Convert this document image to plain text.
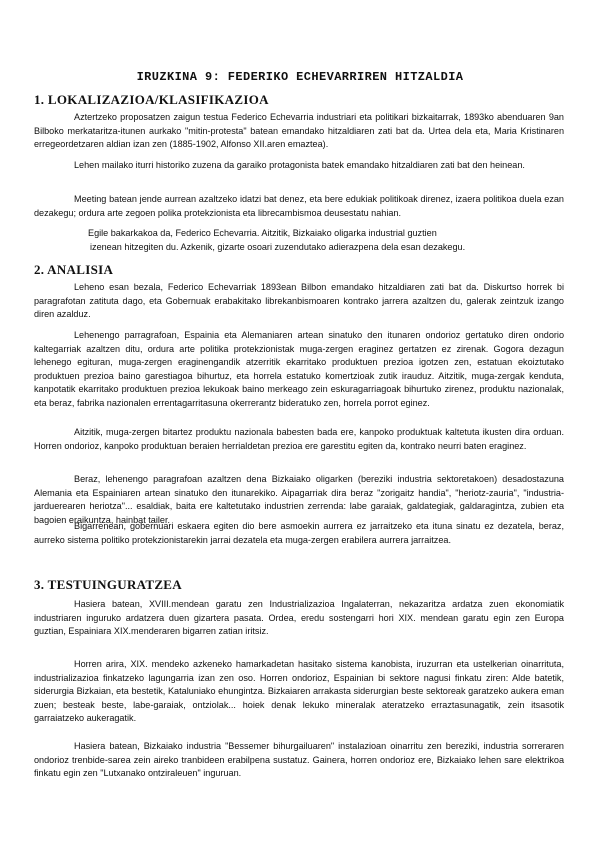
IRUZKINA 9: FEDERIKO ECHEVARRIREN HITZALDIA
1. LOKALIZAZIOA/KLASIFIKAZIOA

Aztertzeko proposatzen zaigun testua Federico Echevarria industriari eta politikari bizkaitarrak, 1893ko abenduaren 9an Bilboko merkataritza-itunen aurkako "mitin-protesta" batean emandako hitzaldiaren zati bat da. Urtea dela eta, Maria Kristinaren erregeordetzaren aldian izan zen (1885-1902, Alfonso XII.aren emaztea).

Lehen mailako iturri historiko zuzena da garaiko protagonista batek emandako hitzaldiaren zati bat den heinean.

Meeting batean jende aurrean azaltzeko idatzi bat denez, eta bere edukiak politikoak direnez, izaera politikoa duela ezan dezakegu; ordura arte zegoen polika protekzionista eta librecambismoa deusestatu nahian.

Egile bakarkakoa da, Federico Echevarria. Aitzitik, Bizkaiako oligarka industrial guztien
izenean hitzegiten du. Azkenik, gizarte osoari zuzendutako adierazpena dela esan dezakegu.

2. ANALISIA

Leheno esan bezala, Federico Echevarriak 1893ean Bilbon emandako hitzaldiaren zati bat da. Diskurtso horrek bi paragrafotan zatituta dago, eta Gobernuak erabakitako librekanbismoaren kontrako jarrera azaltzen du, galerak zeintzuk izango diren azalduz.

Lehenengo parragrafoan, Espainia eta Alemaniaren artean sinatuko den itunaren ondorioz gertatuko diren ondorio kaltegarriak azaltzen ditu, ordura arte politika protekzionistak muga-zergen eraginez gertatzen ez zirenak. Gogora dezagun lehenego egituran, muga-zergen eraginengandik atzerritik ekarritako produktuen prezioa igotzen zen, estatuan ekoiztutako produktuen prezioa baino garestiagoa bihurtuz, eta horrela estatuko komertzioak zutik irauduz. Aitzitik, muga-zergak kenduta, kanpotatik ekarritako produktuen prezioa lekukoak baino merkeago zein eskuragarriagoak bihurtuko zirenez, produktu nazionalak, eta beraz, fabrika nazionalen errentagarritasuna okerrerantz bideratuko zen, horrela porrot eginez.

Aitzitik, muga-zergen bitartez produktu nazionala babesten bada ere, kanpoko produktuak kaltetuta ikusten dira orduan. Horren ondorioz, kanpoko produktuan beraien herrialdetan prezioa ere garestitu egiten da, kontrako neurri baten eraginez.

Beraz, lehenengo paragrafoan azaltzen dena Bizkaiako oligarken (bereziki industria sektoretakoen) desadostazuna Alemania eta Espainiaren artean sinatuko den itunarekiko. Aipagarriak dira beraz "zorigaitz handia", "heriotz-zauria", "industria-jarduerearen heriotza"... esaldiak, baita ere kaltetutako industrien zerrenda: labe garaiak, galdategiak, galdaragintza, zubien eta bagoien eraikuntza, hainbat tailer.

Bigarrenean, gobernuari eskaera egiten dio bere asmoekin aurrera ez jarraitzeko eta ituna sinatu ez dezatela, beraz, aurreko sistema politiko protekzionistarekin jarrai dezatela eta muga-zergen erabilera aurrera jarraitzea.

3. TESTUINGURATZEA

Hasiera batean, XVIII.mendean garatu zen Industrializazioa Ingalaterran, nekazaritza ardatza zuen ekonomiatik industriaren inguruko ardatzera duen gizartera pasata. Ordea, eredu sostengarri hori XIX. mendean garatu egin zen Europa guztian, Espainiara XIX.menderaren bigarren zatian iritsiz.

Horren arira, XIX. mendeko azkeneko hamarkadetan hasitako sistema kanobista, iruzurran eta ustelkerian oinarrituta, industrializazioa finkatzeko lagungarria izan zen oso. Horren ondorioz, Espainian bi sektore nagusi finkatu ziren: Alde batetik, siderurgia Bizkaian, eta bestetik, Kataluniako ehungintza. Bizkaiaren arrakasta siderurgian beste sektoreak garatzeko aukera eman zuen; besteak beste, labe-garaiak, ontziolak... hoiek denak lekuko mineralak ateratzeko erraztasunagatik, zein itsasotik garraiatzeko aukeragatik.

Hasiera batean, Bizkaiako industria "Bessemer bihurgailuaren" instalazioan oinarritu zen bereziki, industria sorreraren ondorioz trenbide-sarea zein aireko tranbideen erabilpena sustatuz. Gainera, horren ondorioz ere, Bizkaiako lehen sare elektrikoa finkatu egin zen "Lutxanako ontziraleuen" inguruan.
